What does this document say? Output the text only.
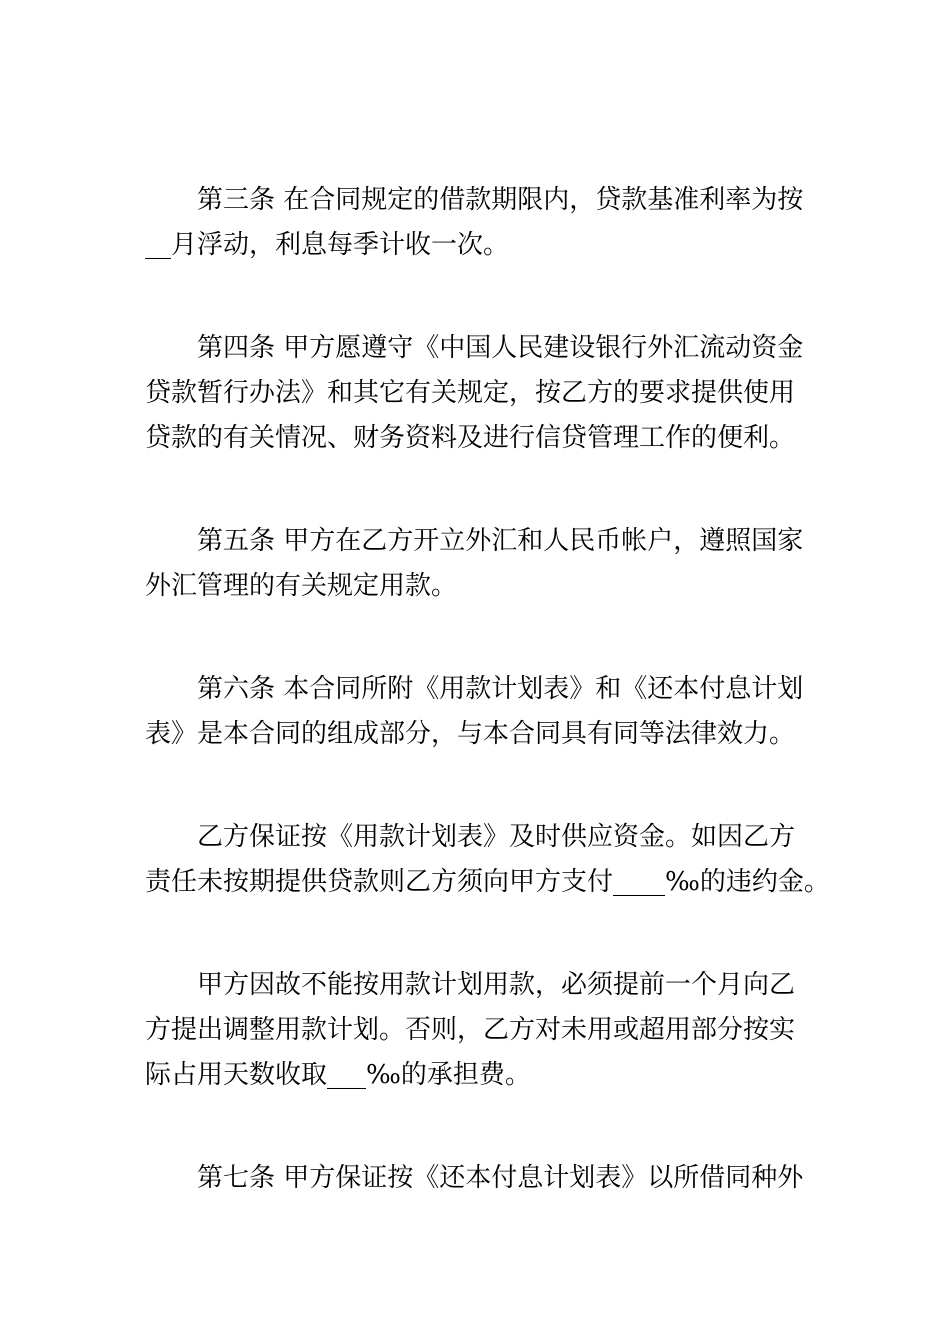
第三条 在合同规定的借款期限内，贷款基准利率为按
__月浮动，利息每季计收一次。

第四条 甲方愿遵守《中国人民建设银行外汇流动资金
贷款暂行办法》和其它有关规定，按乙方的要求提供使用
贷款的有关情况、财务资料及进行信贷管理工作的便利。

第五条 甲方在乙方开立外汇和人民币帐户，遵照国家
外汇管理的有关规定用款。

第六条 本合同所附《用款计划表》和《还本付息计划
表》是本合同的组成部分，与本合同具有同等法律效力。

乙方保证按《用款计划表》及时供应资金。如因乙方
责任未按期提供贷款则乙方须向甲方支付____‰的违约金。

甲方因故不能按用款计划用款，必须提前一个月向乙
方提出调整用款计划。否则，乙方对未用或超用部分按实
际占用天数收取___‰的承担费。

第七条 甲方保证按《还本付息计划表》以所借同种外
